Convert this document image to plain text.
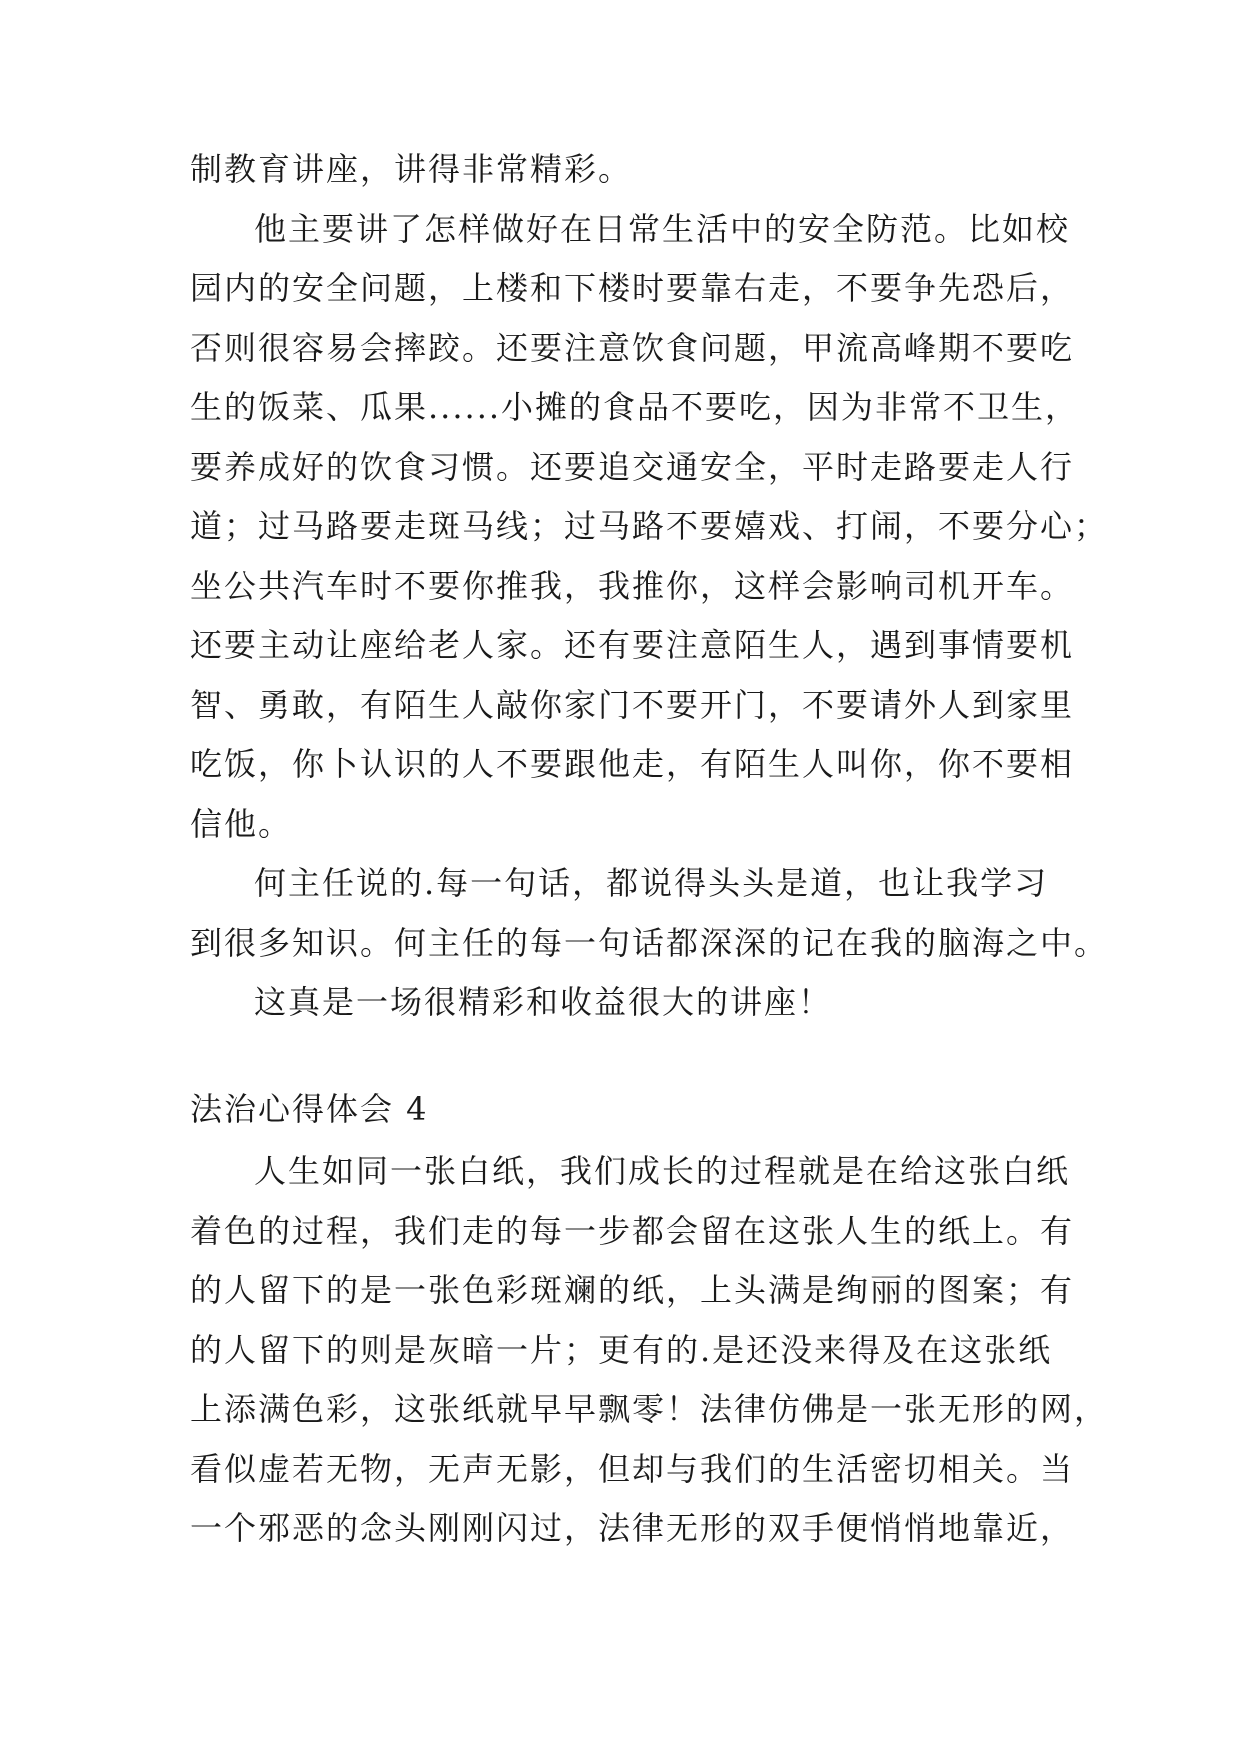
制教育讲座，讲得非常精彩。
他主要讲了怎样做好在日常生活中的安全防范。比如校
园内的安全问题，上楼和下楼时要靠右走，不要争先恐后，
否则很容易会摔跤。还要注意饮食问题，甲流高峰期不要吃
生的饭菜、瓜果......小摊的食品不要吃，因为非常不卫生，
要养成好的饮食习惯。还要追交通安全，平时走路要走人行
道；过马路要走斑马线；过马路不要嬉戏、打闹，不要分心；
坐公共汽车时不要你推我，我推你，这样会影响司机开车。
还要主动让座给老人家。还有要注意陌生人，遇到事情要机
智、勇敢，有陌生人敲你家门不要开门，不要请外人到家里
吃饭，你卜认识的人不要跟他走，有陌生人叫你，你不要相
信他。
何主任说的.每一句话，都说得头头是道，也让我学习
到很多知识。何主任的每一句话都深深的记在我的脑海之中。
这真是一场很精彩和收益很大的讲座！
法治心得体会 4
人生如同一张白纸，我们成长的过程就是在给这张白纸
着色的过程，我们走的每一步都会留在这张人生的纸上。有
的人留下的是一张色彩斑斓的纸，上头满是绚丽的图案；有
的人留下的则是灰暗一片；更有的.是还没来得及在这张纸
上添满色彩，这张纸就早早飘零！法律仿佛是一张无形的网，
看似虚若无物，无声无影，但却与我们的生活密切相关。当
一个邪恶的念头刚刚闪过，法律无形的双手便悄悄地靠近，
